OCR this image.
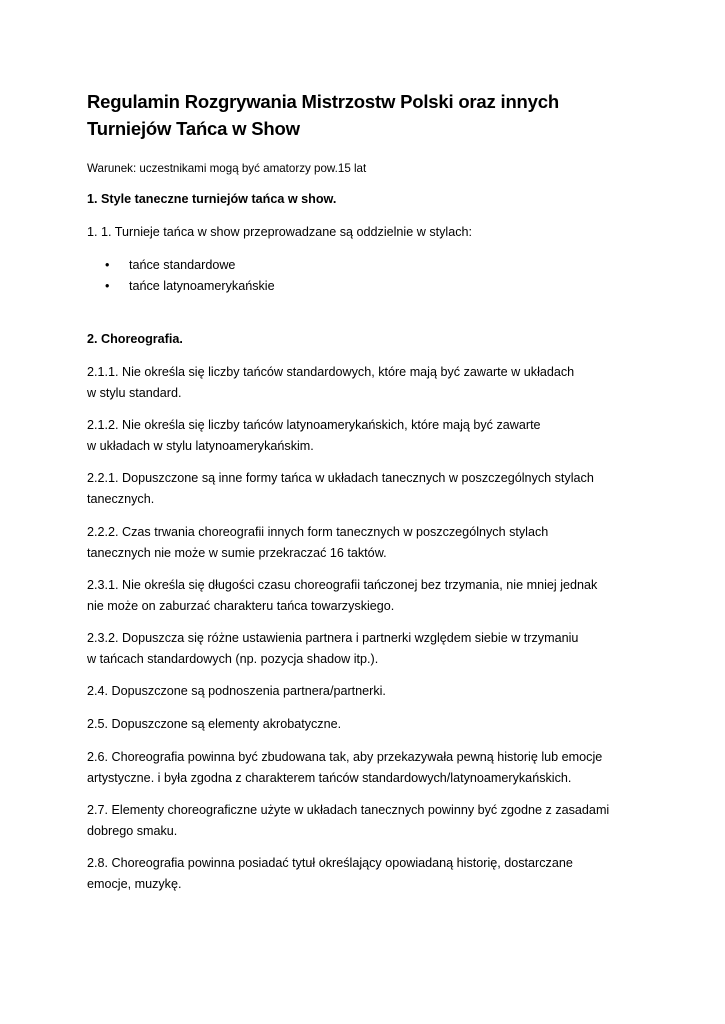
Regulamin Rozgrywania Mistrzostw Polski oraz innych
Turniejów Tańca w Show
Warunek: uczestnikami mogą być amatorzy pow.15 lat
1. Style taneczne turniejów tańca w show.
1. 1. Turnieje tańca w show przeprowadzane są oddzielnie w stylach:
• tańce standardowe
• tańce latynoamerykańskie
2. Choreografia.
2.1.1. Nie określa się liczby tańców standardowych, które mają być zawarte w układach
w stylu standard.
2.1.2. Nie określa się liczby tańców latynoamerykańskich, które mają być zawarte
w układach w stylu latynoamerykańskim.
2.2.1. Dopuszczone są inne formy tańca w układach tanecznych w poszczególnych stylach
tanecznych.
2.2.2. Czas trwania choreografii innych form tanecznych w poszczególnych stylach
tanecznych nie może w sumie przekraczać 16 taktów.
2.3.1. Nie określa się długości czasu choreografii tańczonej bez trzymania, nie mniej jednak
nie może on zaburzać charakteru tańca towarzyskiego.
2.3.2. Dopuszcza się różne ustawienia partnera i partnerki względem siebie w trzymaniu
w tańcach standardowych (np. pozycja shadow itp.).
2.4. Dopuszczone są podnoszenia partnera/partnerki.
2.5. Dopuszczone są elementy akrobatyczne.
2.6. Choreografia powinna być zbudowana tak, aby przekazywała pewną historię lub emocje
artystyczne. i była zgodna z charakterem tańców standardowych/latynoamerykańskich.
2.7. Elementy choreograficzne użyte w układach tanecznych powinny być zgodne z zasadami
dobrego smaku.
2.8. Choreografia powinna posiadać tytuł określający opowiadaną historię, dostarczane
emocje, muzykę.
